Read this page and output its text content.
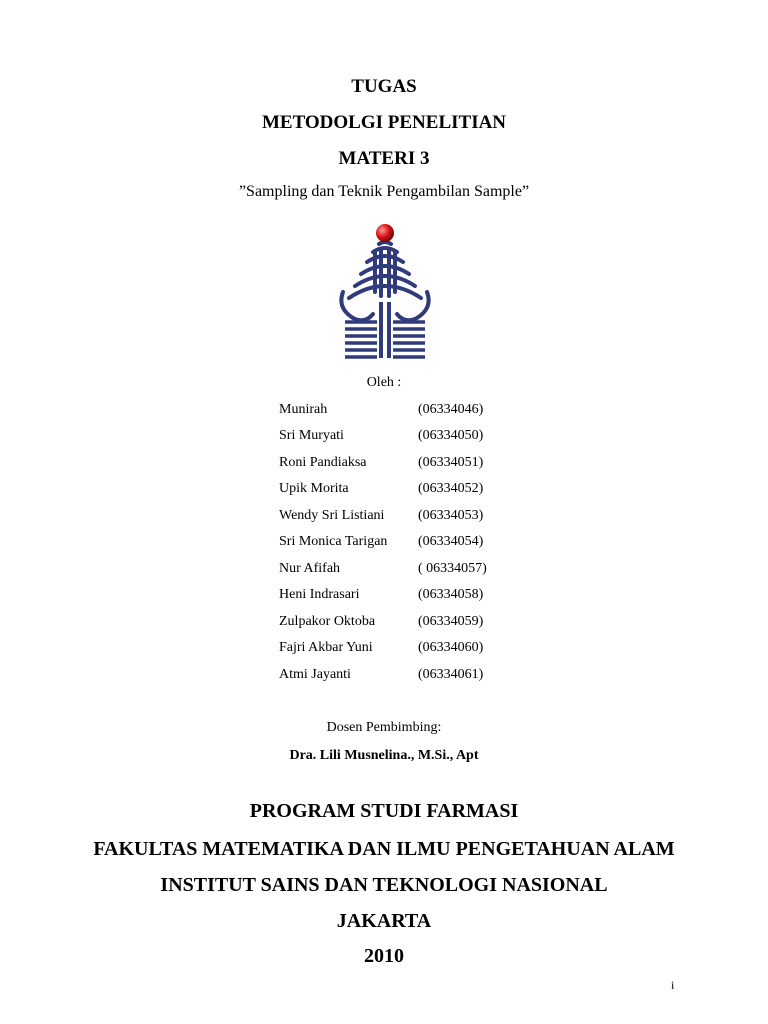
TUGAS
METODOLGI PENELITIAN
MATERI 3
”Sampling dan Teknik Pengambilan Sample”
Oleh :
Munirah	(06334046)
Sri Muryati	(06334050)
Roni Pandiaksa	(06334051)
Upik Morita	(06334052)
Wendy Sri Listiani (06334053)
Sri Monica Tarigan (06334054)
Nur Afifah	( 06334057)
Heni Indrasari	(06334058)
Zulpakor Oktoba	(06334059)
Fajri Akbar Yuni	(06334060)
Atmi Jayanti	(06334061)
Dosen Pembimbing:
Dra. Lili Musnelina., M.Si., Apt
PROGRAM STUDI FARMASI
FAKULTAS MATEMATIKA DAN ILMU PENGETAHUAN ALAM
INSTITUT SAINS DAN TEKNOLOGI NASIONAL
JAKARTA
2010
i
